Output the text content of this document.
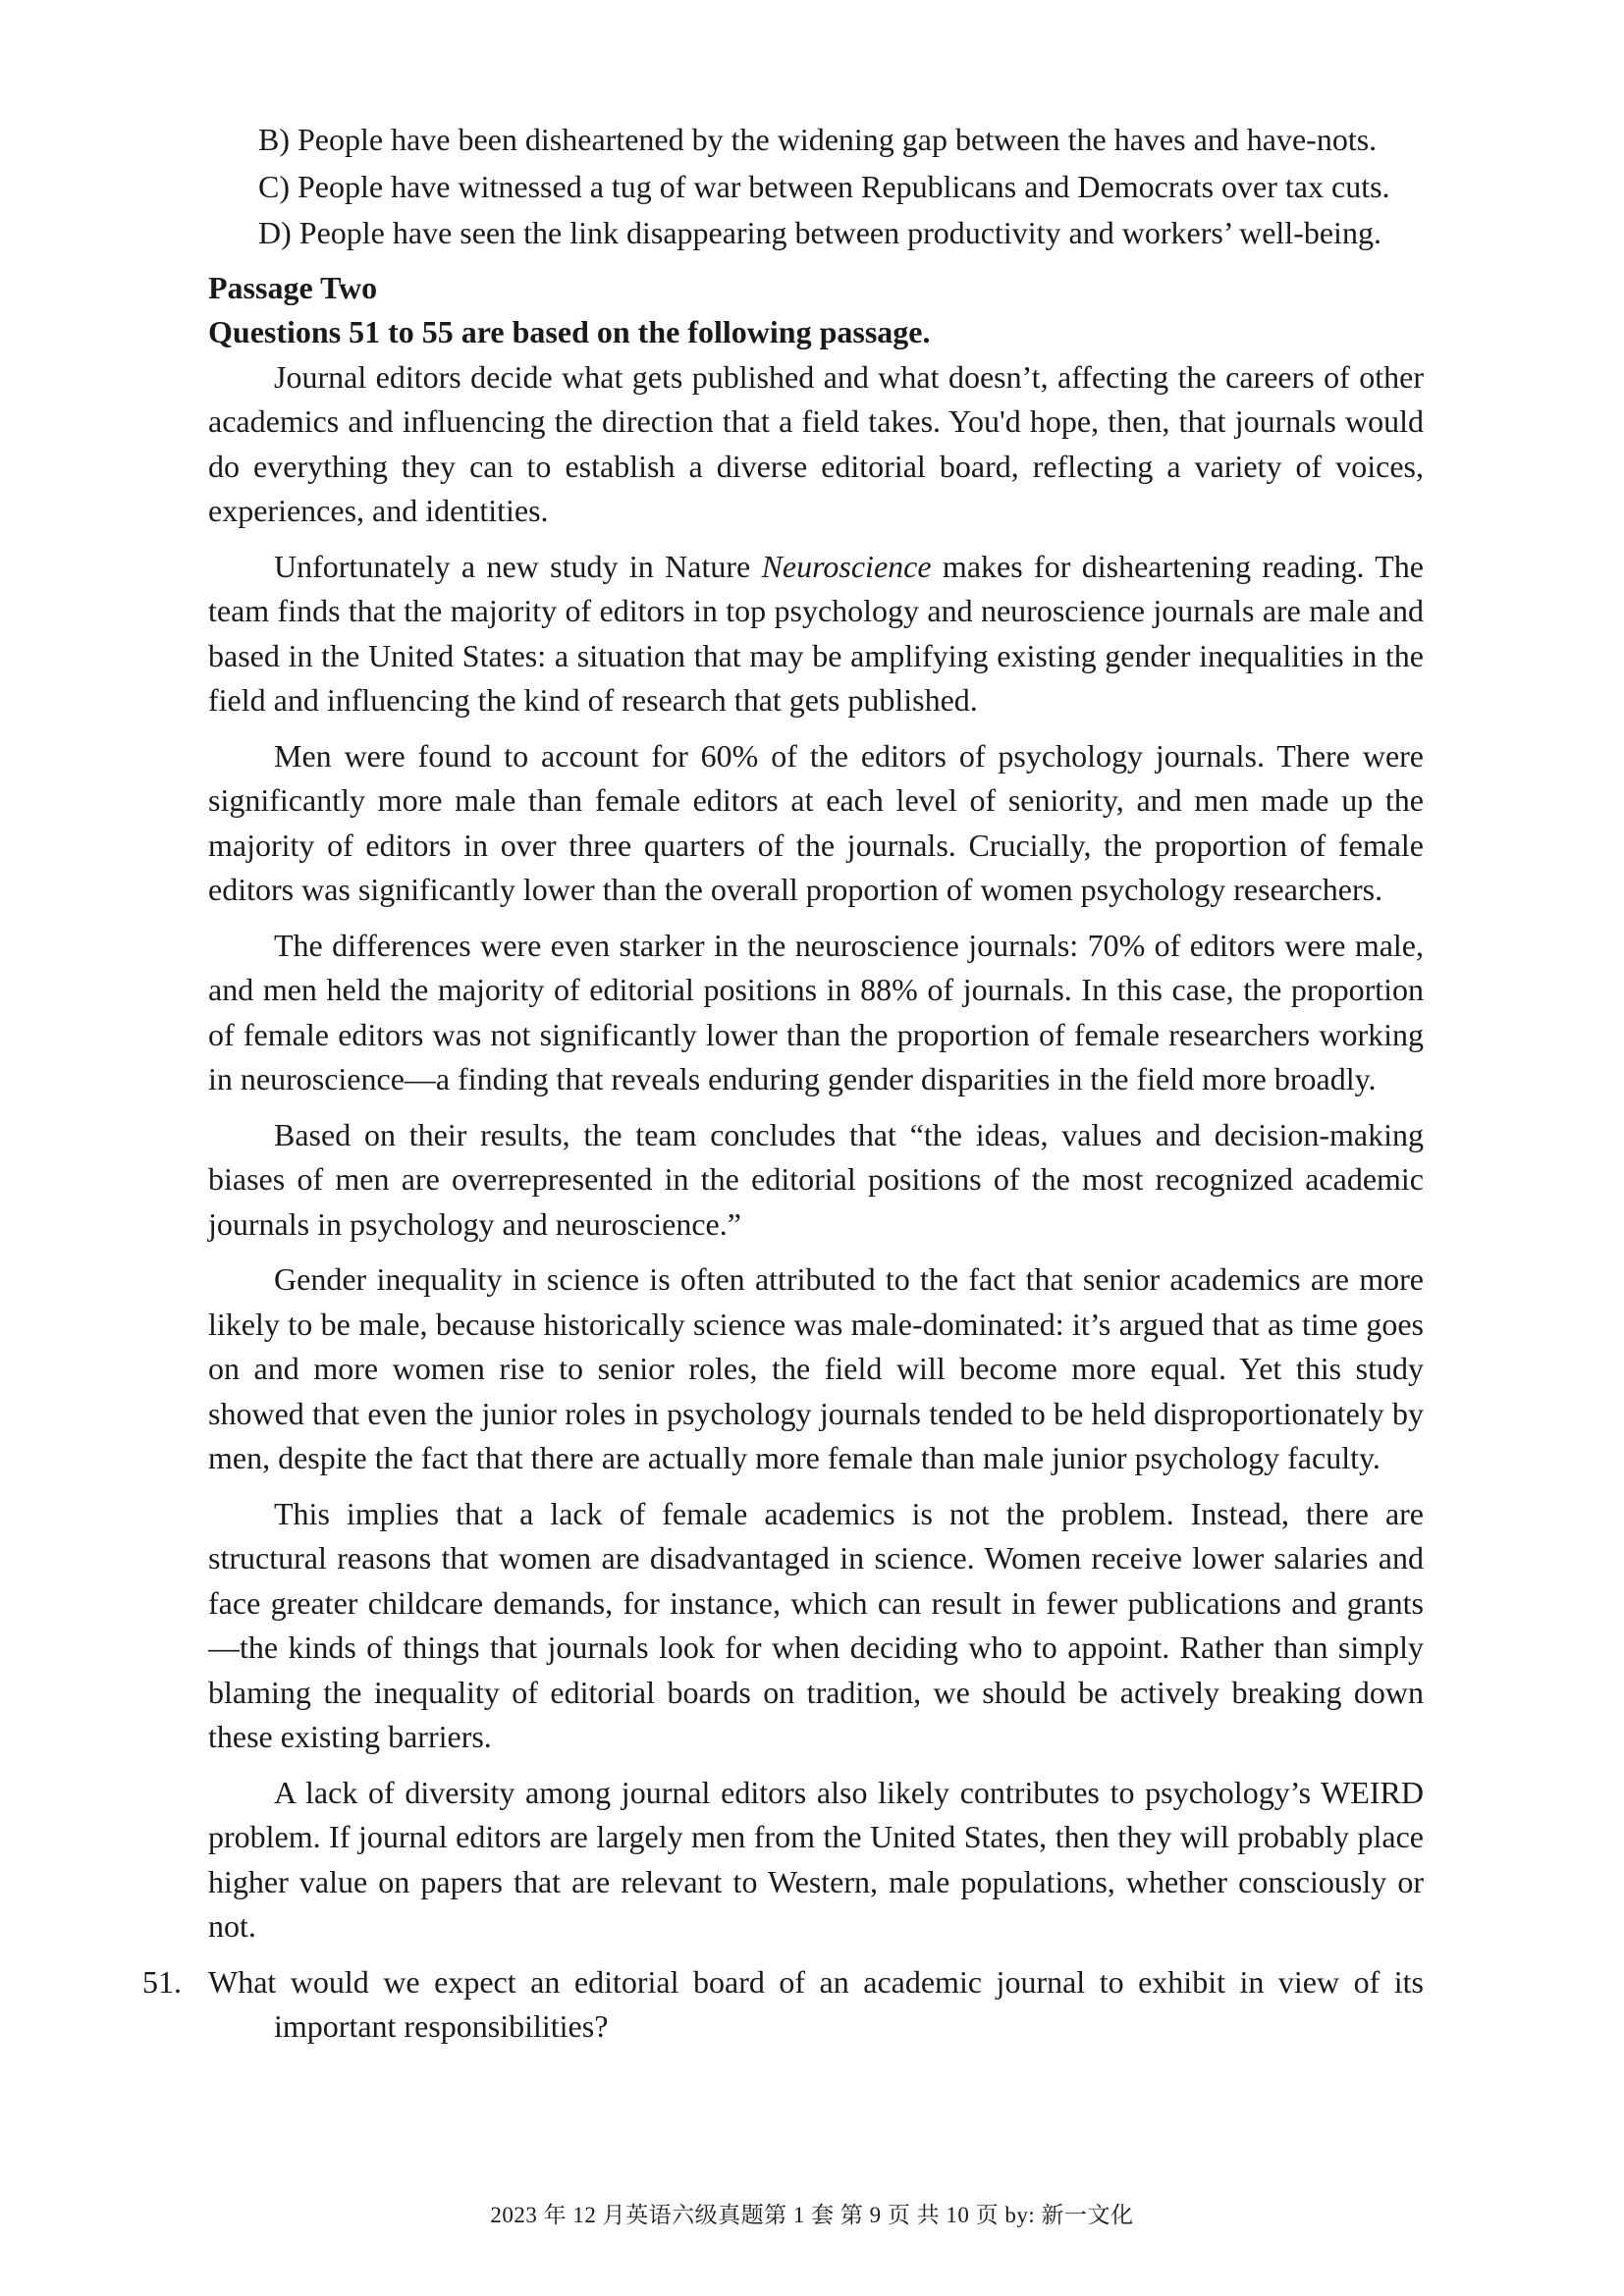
B) People have been disheartened by the widening gap between the haves and have-nots.

C) People have witnessed a tug of war between Republicans and Democrats over tax cuts.

D) People have seen the link disappearing between productivity and workers’ well-being.

Passage Two

Questions 51 to 55 are based on the following passage.

Journal editors decide what gets published and what doesn’t, affecting the careers of other academics and influencing the direction that a field takes. You'd hope, then, that journals would do everything they can to establish a diverse editorial board, reflecting a variety of voices, experiences, and identities.

Unfortunately a new study in Nature Neuroscience makes for disheartening reading. The team finds that the majority of editors in top psychology and neuroscience journals are male and based in the United States: a situation that may be amplifying existing gender inequalities in the field and influencing the kind of research that gets published.

Men were found to account for 60% of the editors of psychology journals. There were significantly more male than female editors at each level of seniority, and men made up the majority of editors in over three quarters of the journals. Crucially, the proportion of female editors was significantly lower than the overall proportion of women psychology researchers.

The differences were even starker in the neuroscience journals: 70% of editors were male, and men held the majority of editorial positions in 88% of journals. In this case, the proportion of female editors was not significantly lower than the proportion of female researchers working in neuroscience—a finding that reveals enduring gender disparities in the field more broadly.

Based on their results, the team concludes that “the ideas, values and decision-making biases of men are overrepresented in the editorial positions of the most recognized academic journals in psychology and neuroscience.”

Gender inequality in science is often attributed to the fact that senior academics are more likely to be male, because historically science was male-dominated: it’s argued that as time goes on and more women rise to senior roles, the field will become more equal. Yet this study showed that even the junior roles in psychology journals tended to be held disproportionately by men, despite the fact that there are actually more female than male junior psychology faculty.

This implies that a lack of female academics is not the problem. Instead, there are structural reasons that women are disadvantaged in science. Women receive lower salaries and face greater childcare demands, for instance, which can result in fewer publications and grants—the kinds of things that journals look for when deciding who to appoint. Rather than simply blaming the inequality of editorial boards on tradition, we should be actively breaking down these existing barriers.

A lack of diversity among journal editors also likely contributes to psychology’s WEIRD problem. If journal editors are largely men from the United States, then they will probably place higher value on papers that are relevant to Western, male populations, whether consciously or not.

51. What would we expect an editorial board of an academic journal to exhibit in view of its important responsibilities?

2023 年 12 月英语六级真题第 1 套 第 9 页 共 10 页 by: 新一文化
